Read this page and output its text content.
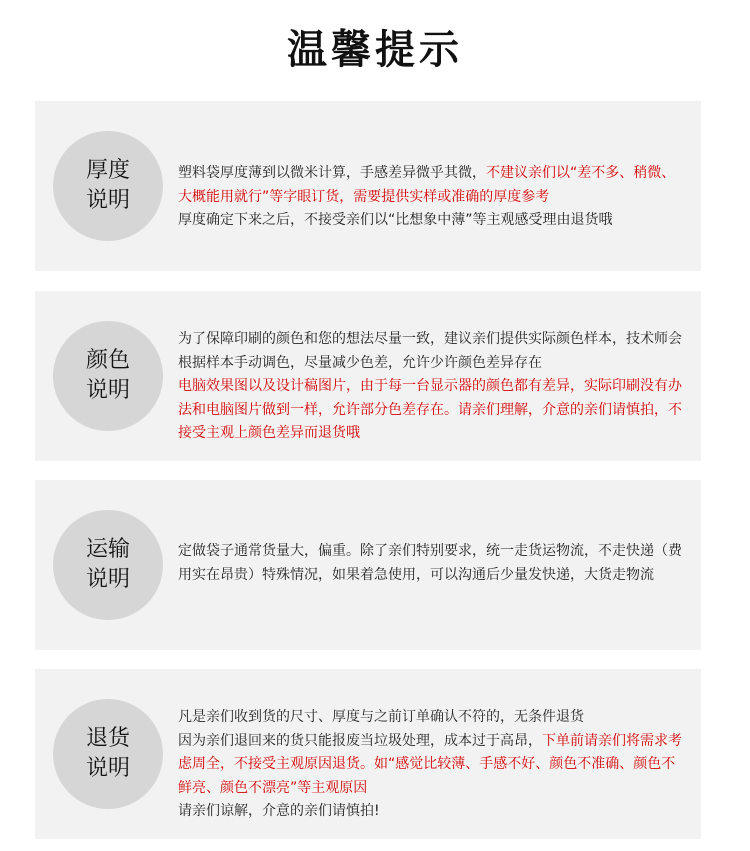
温馨提示
厚度
说明
塑料袋厚度薄到以微米计算，手感差异微乎其微，不建议亲们以“差不多、稍微、大概能用就行”等字眼订货，需要提供实样或准确的厚度参考
厚度确定下来之后，不接受亲们以“比想象中薄”等主观感受理由退货哦
颜色
说明
为了保障印刷的颜色和您的想法尽量一致，建议亲们提供实际颜色样本，技术师会根据样本手动调色，尽量减少色差，允许少许颜色差异存在
电脑效果图以及设计稿图片，由于每一台显示器的颜色都有差异，实际印刷没有办法和电脑图片做到一样，允许部分色差存在。请亲们理解，介意的亲们请慎拍，不接受主观上颜色差异而退货哦
运输
说明
定做袋子通常货量大，偏重。除了亲们特别要求，统一走货运物流，不走快递（费用实在昂贵）特殊情况，如果着急使用，可以沟通后少量发快递，大货走物流
退货
说明
凡是亲们收到货的尺寸、厚度与之前订单确认不符的，无条件退货
因为亲们退回来的货只能报废当垃圾处理，成本过于高昂，下单前请亲们将需求考虑周全，不接受主观原因退货。如“感觉比较薄、手感不好、颜色不准确、颜色不鲜亮、颜色不漂亮”等主观原因
请亲们谅解，介意的亲们请慎拍!
